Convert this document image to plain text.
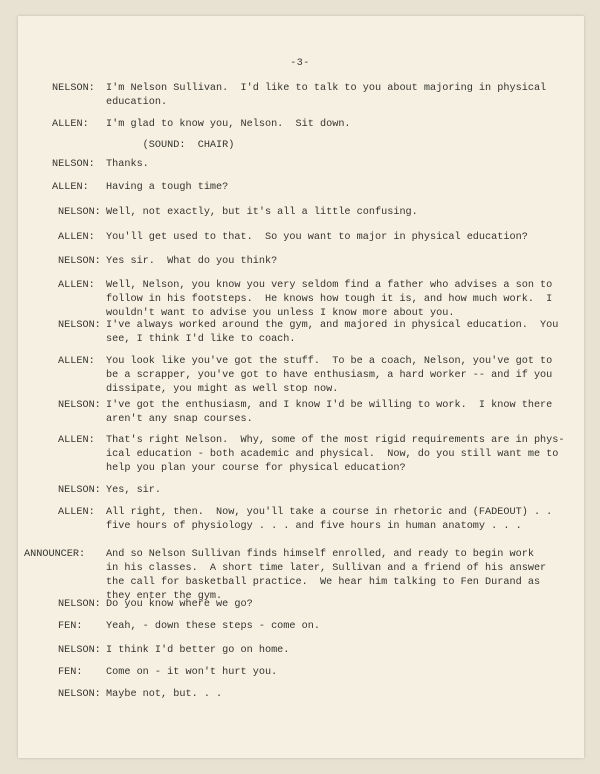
-3-
NELSON: I'm Nelson Sullivan.  I'd like to talk to you about majoring in physical
education.
ALLEN: I'm glad to know you, Nelson.  Sit down.
(SOUND:  CHAIR)
NELSON: Thanks.
ALLEN: Having a tough time?
NELSON: Well, not exactly, but it's all a little confusing.
ALLEN: You'll get used to that.  So you want to major in physical education?
NELSON: Yes sir.  What do you think?
ALLEN: Well, Nelson, you know you very seldom find a father who advises a son to
follow in his footsteps.  He knows how tough it is, and how much work.  I
wouldn't want to advise you unless I know more about you.
NELSON: I've always worked around the gym, and majored in physical education.  You
see, I think I'd like to coach.
ALLEN: You look like you've got the stuff.  To be a coach, Nelson, you've got to
be a scrapper, you've got to have enthusiasm, a hard worker -- and if you
dissipate, you might as well stop now.
NELSON: I've got the enthusiasm, and I know I'd be willing to work.  I know there
aren't any snap courses.
ALLEN: That's right Nelson.  Why, some of the most rigid requirements are in phys-
ical education - both academic and physical.  Now, do you still want me to
help you plan your course for physical education?
NELSON: Yes, sir.
ALLEN: All right, then.  Now, you'll take a course in rhetoric and (FADEOUT) . .
five hours of physiology . . . and five hours in human anatomy . . .
ANNOUNCER: And so Nelson Sullivan finds himself enrolled, and ready to begin work
in his classes.  A short time later, Sullivan and a friend of his answer
the call for basketball practice.  We hear him talking to Fen Durand as
they enter the gym.
NELSON: Do you know where we go?
FEN: Yeah, - down these steps - come on.
NELSON: I think I'd better go on home.
FEN: Come on - it won't hurt you.
NELSON: Maybe not, but. . .
